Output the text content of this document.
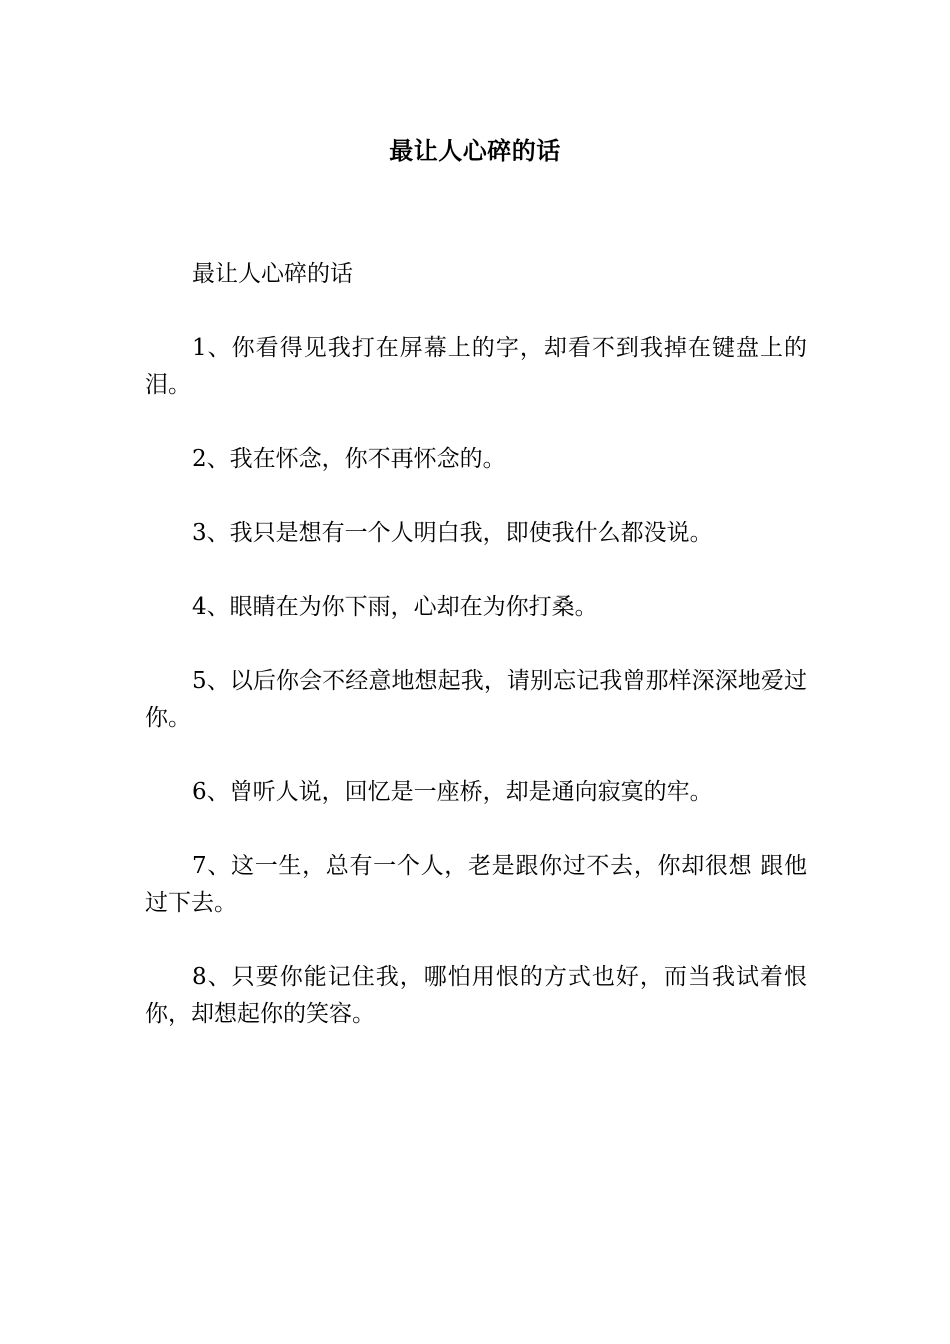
最让人心碎的话

最让人心碎的话

1、你看得见我打在屏幕上的字，却看不到我掉在键盘上的泪。

2、我在怀念，你不再怀念的。

3、我只是想有一个人明白我，即使我什么都没说。

4、眼睛在为你下雨，心却在为你打桑。

5、以后你会不经意地想起我，请别忘记我曾那样深深地爱过你。

6、曾听人说，回忆是一座桥，却是通向寂寞的牢。

7、这一生，总有一个人，老是跟你过不去，你却很想 跟他过下去。

8、只要你能记住我，哪怕用恨的方式也好，而当我试着恨你，却想起你的笑容。
